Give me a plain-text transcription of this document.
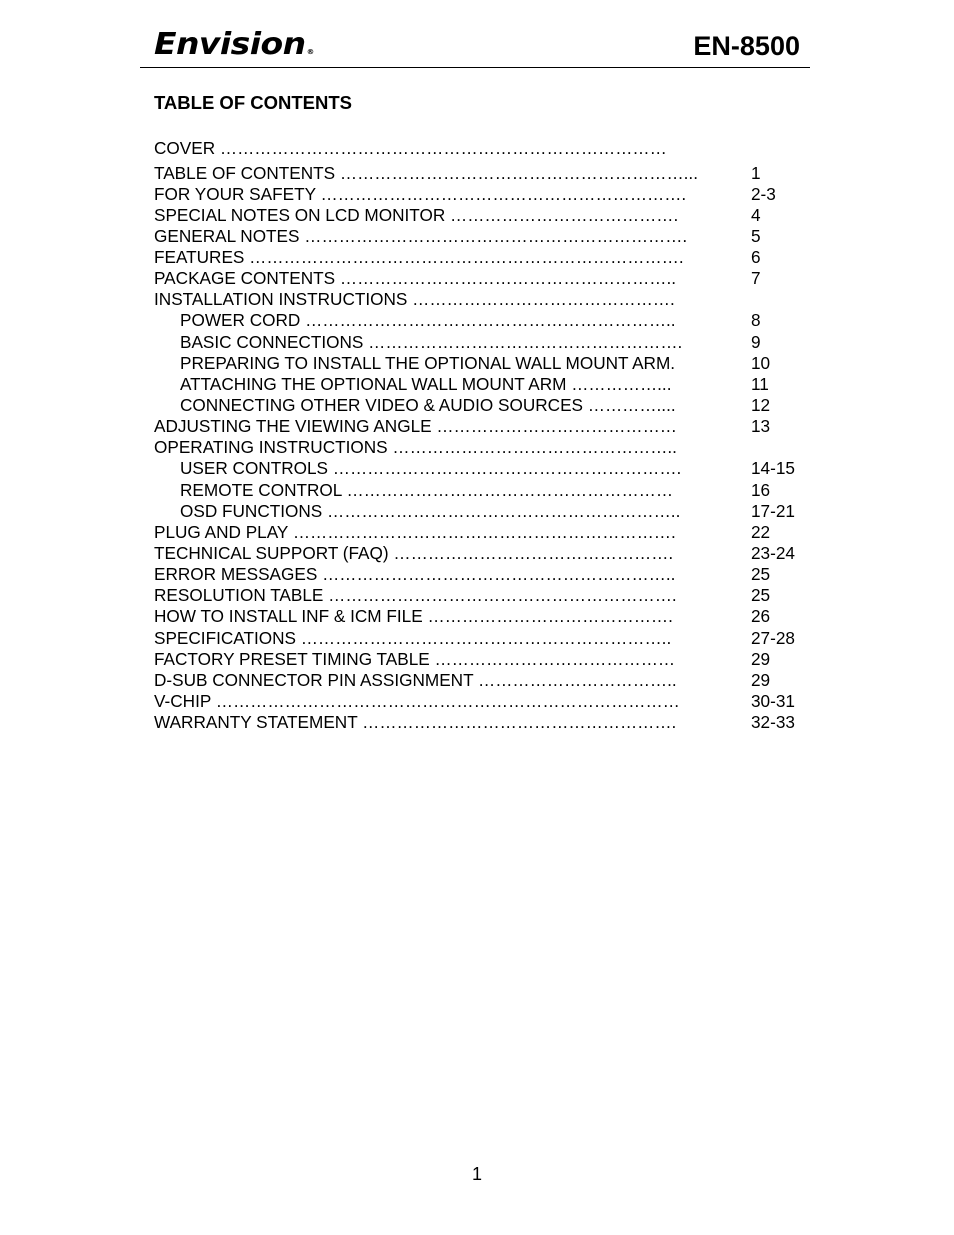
Envision®	EN-8500
TABLE OF CONTENTS
COVER ……………………………………………………………………
TABLE OF CONTENTS ……………………………………………………...	1
FOR YOUR SAFETY ……………………………………………………….	2-3
SPECIAL NOTES ON LCD MONITOR ………………………………….	4
GENERAL NOTES ………………………………………………………….	5
FEATURES ………………………………………………………………….	6
PACKAGE CONTENTS …………………………………………………..	7
INSTALLATION INSTRUCTIONS ……………………………………….
POWER CORD ………………………………………………………..	8
BASIC CONNECTIONS ……………………………………………….	9
PREPARING TO INSTALL THE OPTIONAL WALL MOUNT ARM.	10
ATTACHING THE OPTIONAL WALL MOUNT ARM ……………...	11
CONNECTING OTHER VIDEO & AUDIO SOURCES …………....	12
ADJUSTING THE VIEWING ANGLE ……………………………………	13
OPERATING INSTRUCTIONS …………………………………………..
USER CONTROLS …………………………………………………….	14-15
REMOTE CONTROL …………………………………………………	16
OSD FUNCTIONS ……………………………………………………..	17-21
PLUG AND PLAY ………………………………………………………….	22
TECHNICAL SUPPORT (FAQ) ………………………………………….	23-24
ERROR MESSAGES ……………………………………………………..	25
RESOLUTION TABLE …………………………………………………….	25
HOW TO INSTALL INF & ICM FILE …………………………………….	26
SPECIFICATIONS ………………………………………………………..	27-28
FACTORY PRESET TIMING TABLE ……………………………………	29
D-SUB CONNECTOR PIN ASSIGNMENT ……………………………..	29
V-CHIP ………………………………………………………………………	30-31
WARRANTY STATEMENT ……………………………………………….	32-33
1
